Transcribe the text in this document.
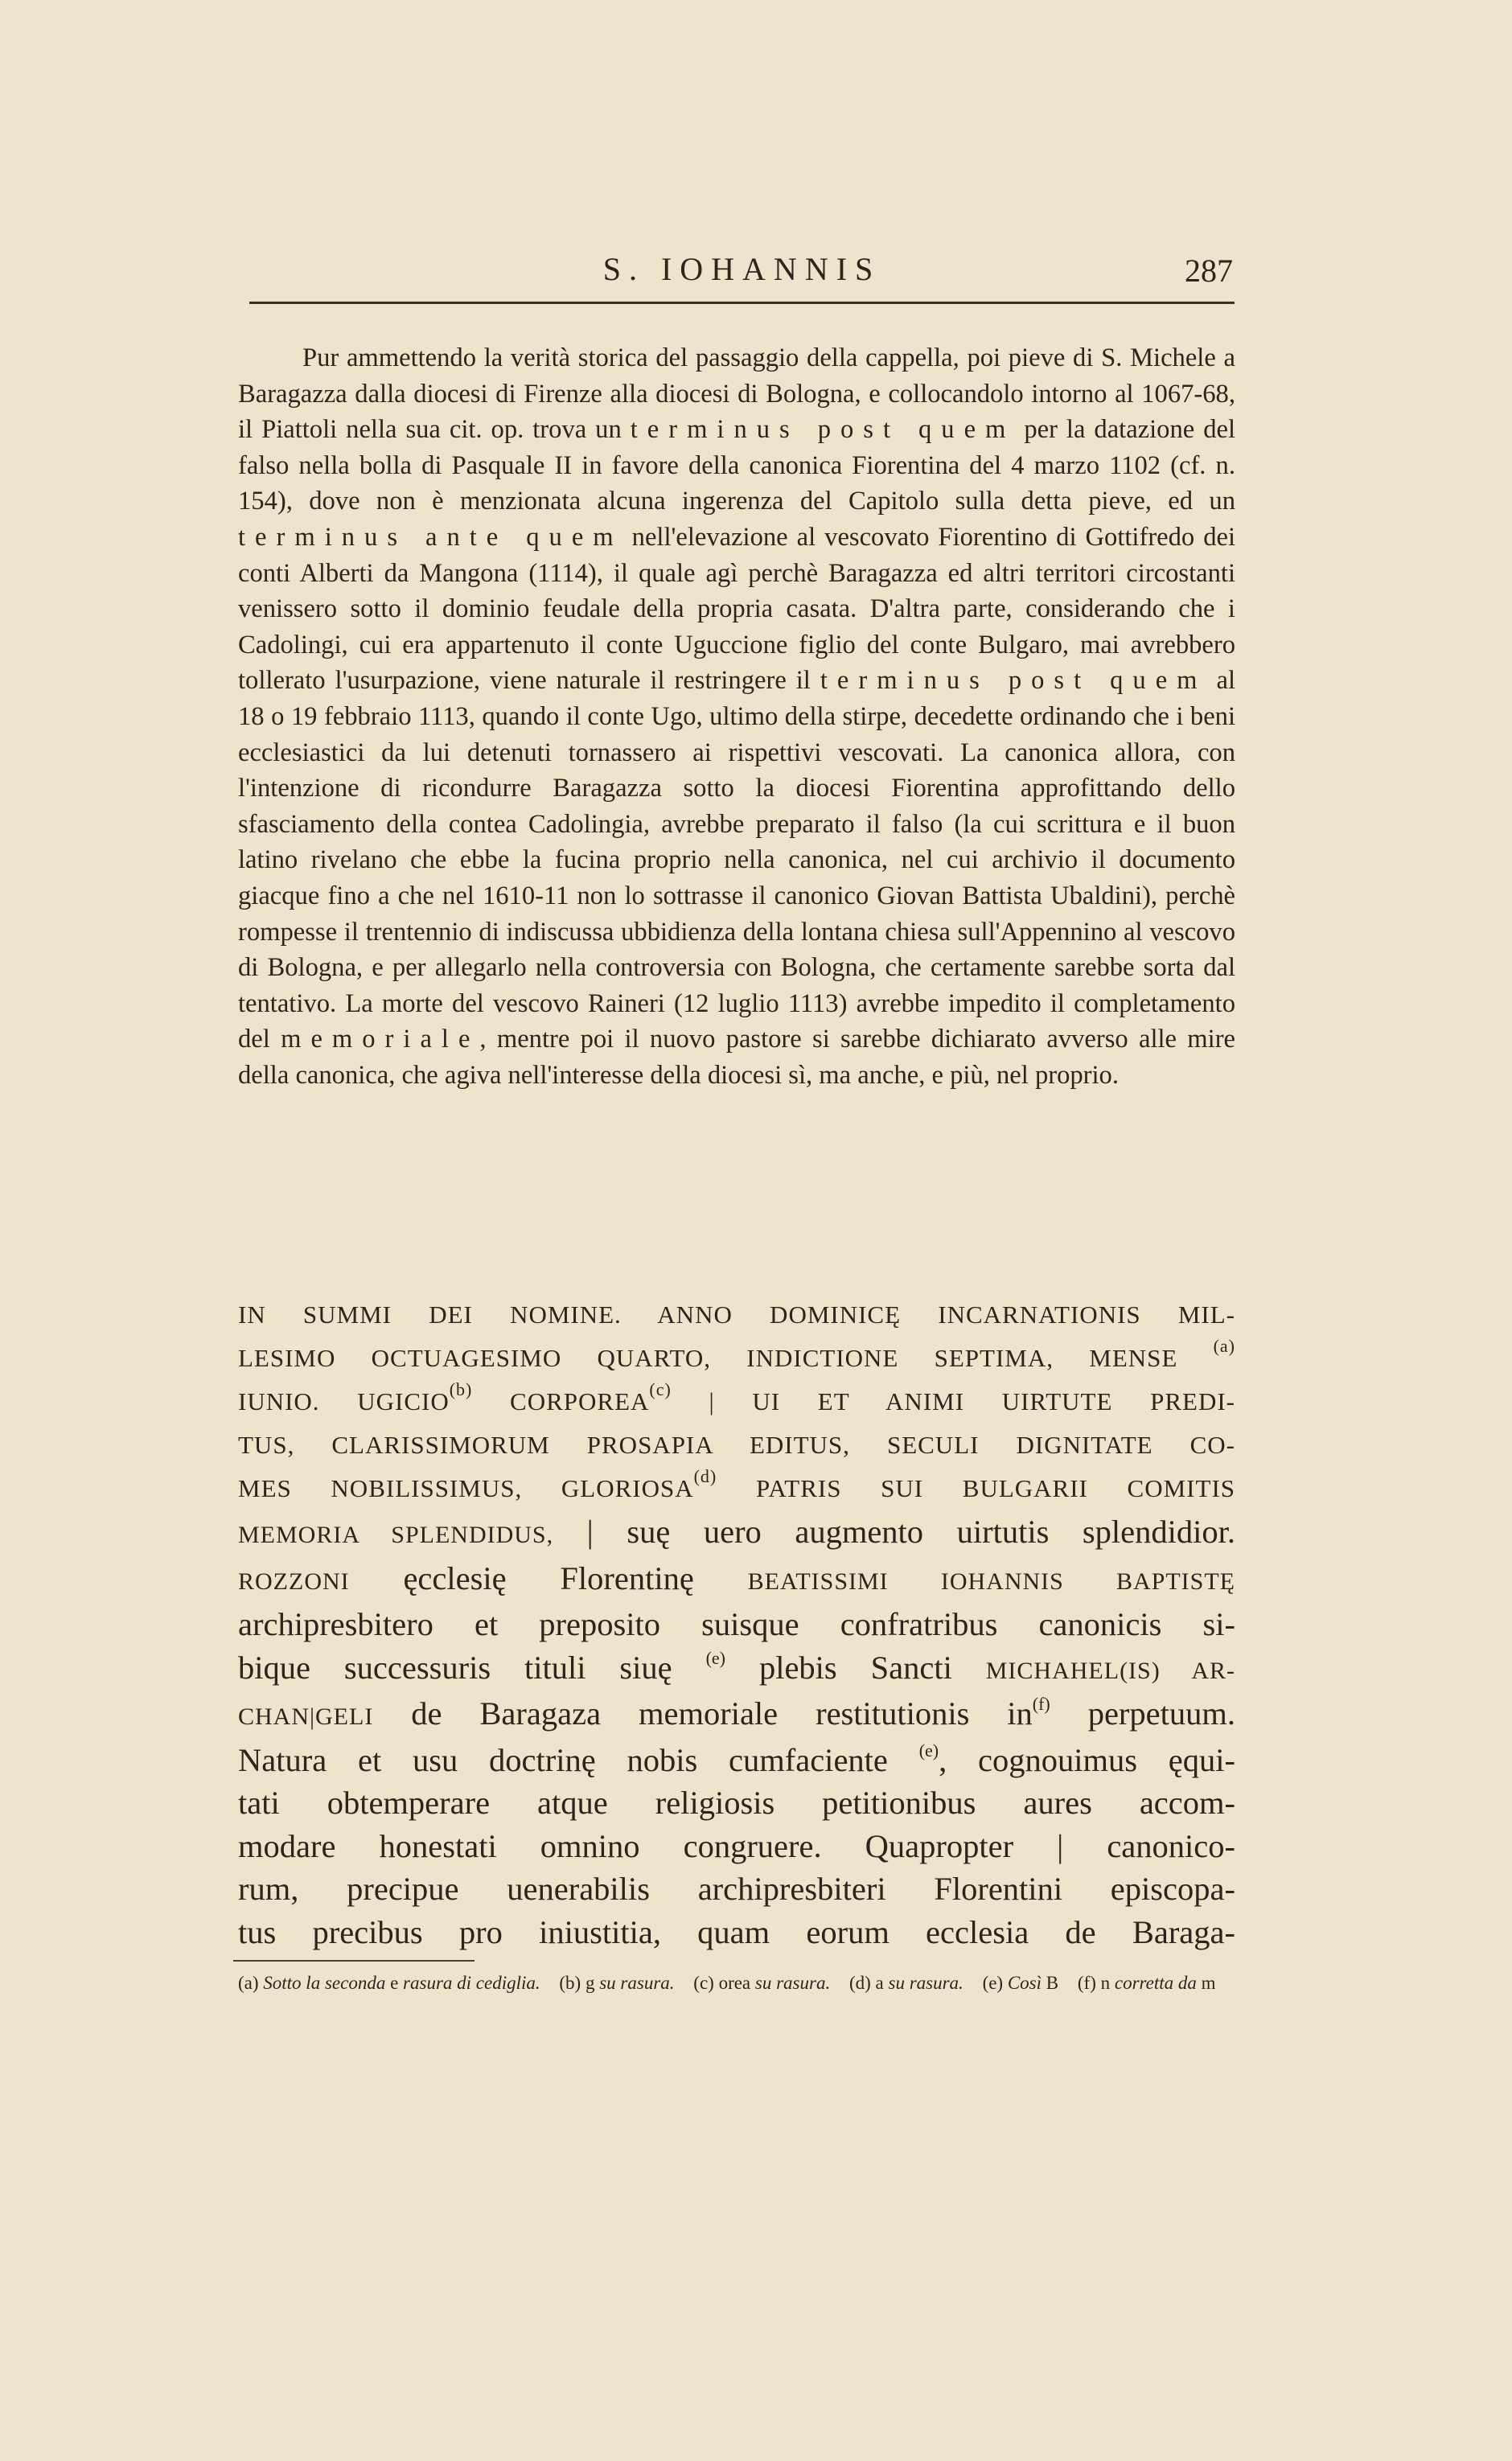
S. IOHANNIS	287

Pur ammettendo la verità storica del passaggio della cappella, poi pieve di S. Michele a Baragazza dalla diocesi di Firenze alla diocesi di Bologna, e collocandolo intorno al 1067-68, il Piattoli nella sua cit. op. trova un terminus post quem per la datazione del falso nella bolla di Pasquale II in favore della canonica Fiorentina del 4 marzo 1102 (cf. n. 154), dove non è menzionata alcuna ingerenza del Capitolo sulla detta pieve, ed un terminus ante quem nell'elevazione al vescovato Fiorentino di Gottifredo dei conti Alberti da Mangona (1114), il quale agì perchè Baragazza ed altri territori circostanti venissero sotto il dominio feudale della propria casata. D'altra parte, considerando che i Cadolingi, cui era appartenuto il conte Uguccione figlio del conte Bulgaro, mai avrebbero tollerato l'usurpazione, viene naturale il restringere il terminus post quem al 18 o 19 febbraio 1113, quando il conte Ugo, ultimo della stirpe, decedette ordinando che i beni ecclesiastici da lui detenuti tornassero ai rispettivi vescovati. La canonica allora, con l'intenzione di ricondurre Baragazza sotto la diocesi Fiorentina approfittando dello sfasciamento della contea Cadolingia, avrebbe preparato il falso (la cui scrittura e il buon latino rivelano che ebbe la fucina proprio nella canonica, nel cui archivio il documento giacque fino a che nel 1610-11 non lo sottrasse il canonico Giovan Battista Ubaldini), perchè rompesse il trentennio di indiscussa ubbidienza della lontana chiesa sull'Appennino al vescovo di Bologna, e per allegarlo nella controversia con Bologna, che certamente sarebbe sorta dal tentativo. La morte del vescovo Raineri (12 luglio 1113) avrebbe impedito il completamento del memoriale, mentre poi il nuovo pastore si sarebbe dichiarato avverso alle mire della canonica, che agiva nell'interesse della diocesi sì, ma anche, e più, nel proprio.

IN SUMMI DEI NOMINE. ANNO DOMINICĘ INCARNATIONIS MIL-
LESIMO OCTUAGESIMO QUARTO, INDICTIONE SEPTIMA, MENSE $^{(a)}$
IUNIO. UGICIO$^{(b)}$ CORPOREA$^{(c)}$ | UI ET ANIMI UIRTUTE PREDI-
TUS, CLARISSIMORUM PROSAPIA EDITUS, SECULI DIGNITATE CO-
MES NOBILISSIMUS, GLORIOSA$^{(d)}$ PATRIS SUI BULGARII COMITIS
MEMORIA SPLENDIDUS, | suę uero augmento uirtutis splendidior.
ROZZONI ęcclesię Florentinę BEATISSIMI IOHANNIS BAPTISTĘ
archipresbitero et preposito suisque confratribus canonicis si-
bique successuris tituli siuę $^{(e)}$ plebis Sancti MICHAHEL(IS) AR-
CHAN|GELI de Baragaza memoriale restitutionis $in^{(f)}$ perpetuum.
Natura et usu doctrinę nobis cumfaciente $^{(e)}$, cognouimus ęqui-
tati obtemperare atque religiosis petitionibus aures accom-
modare honestati omnino congruere. Quapropter | canonico-
rum, precipue uenerabilis archipresbiteri Florentini episcopa-
tus precibus pro iniustitia, quam eorum ecclesia de Baraga-
(a) Sotto la seconda e rasura di cediglia. (b) g su rasura. (c) orea su rasura. (d) a su rasura. (e) Così B (f) n corretta da m
